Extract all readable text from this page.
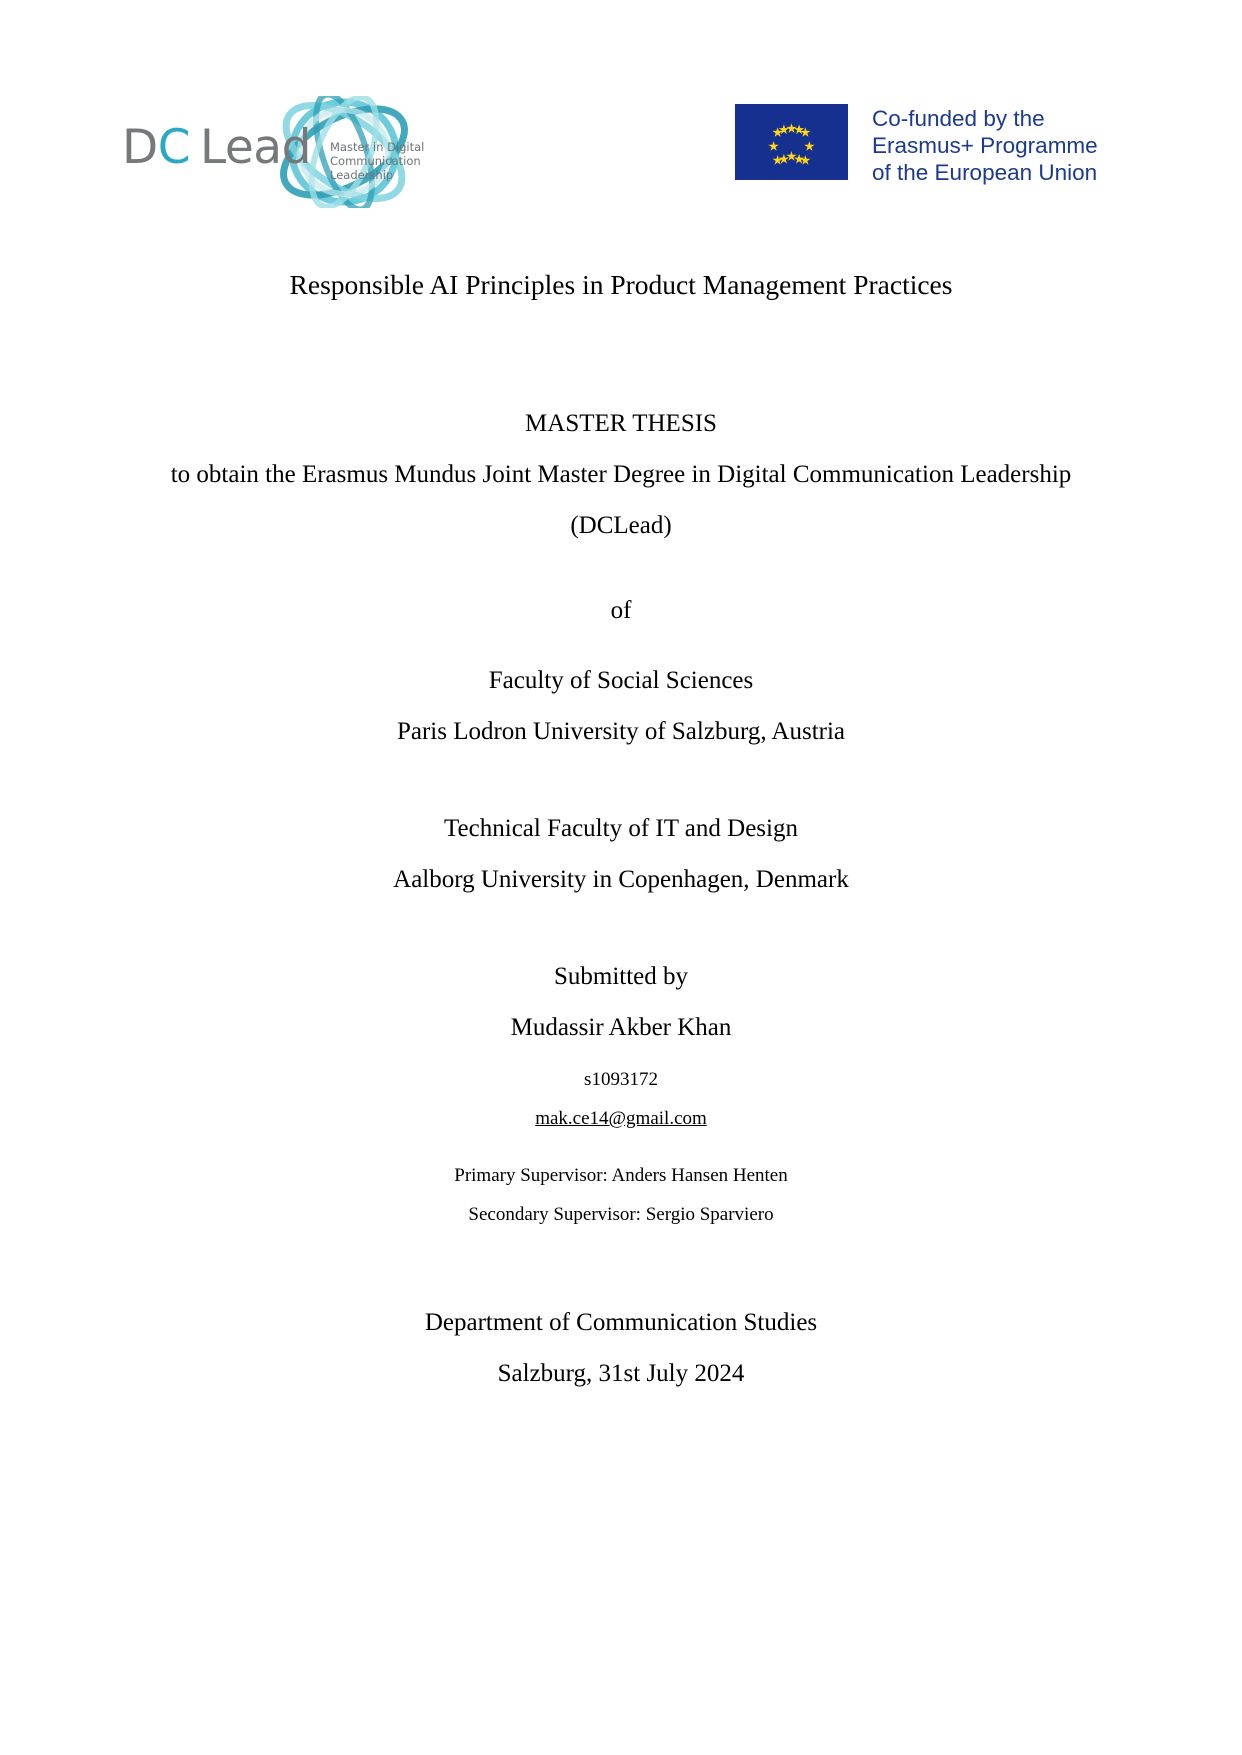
DC Lead Master in Digital
Communication
Leadership
Co-funded by the
Erasmus+ Programme
of the European Union
Responsible AI Principles in Product Management Practices
MASTER THESIS
to obtain the Erasmus Mundus Joint Master Degree in Digital Communication Leadership
(DCLead)
of
Faculty of Social Sciences
Paris Lodron University of Salzburg, Austria
Technical Faculty of IT and Design
Aalborg University in Copenhagen, Denmark
Submitted by
Mudassir Akber Khan
s1093172
mak.ce14@gmail.com
Primary Supervisor: Anders Hansen Henten
Secondary Supervisor: Sergio Sparviero
Department of Communication Studies
Salzburg, 31st July 2024
